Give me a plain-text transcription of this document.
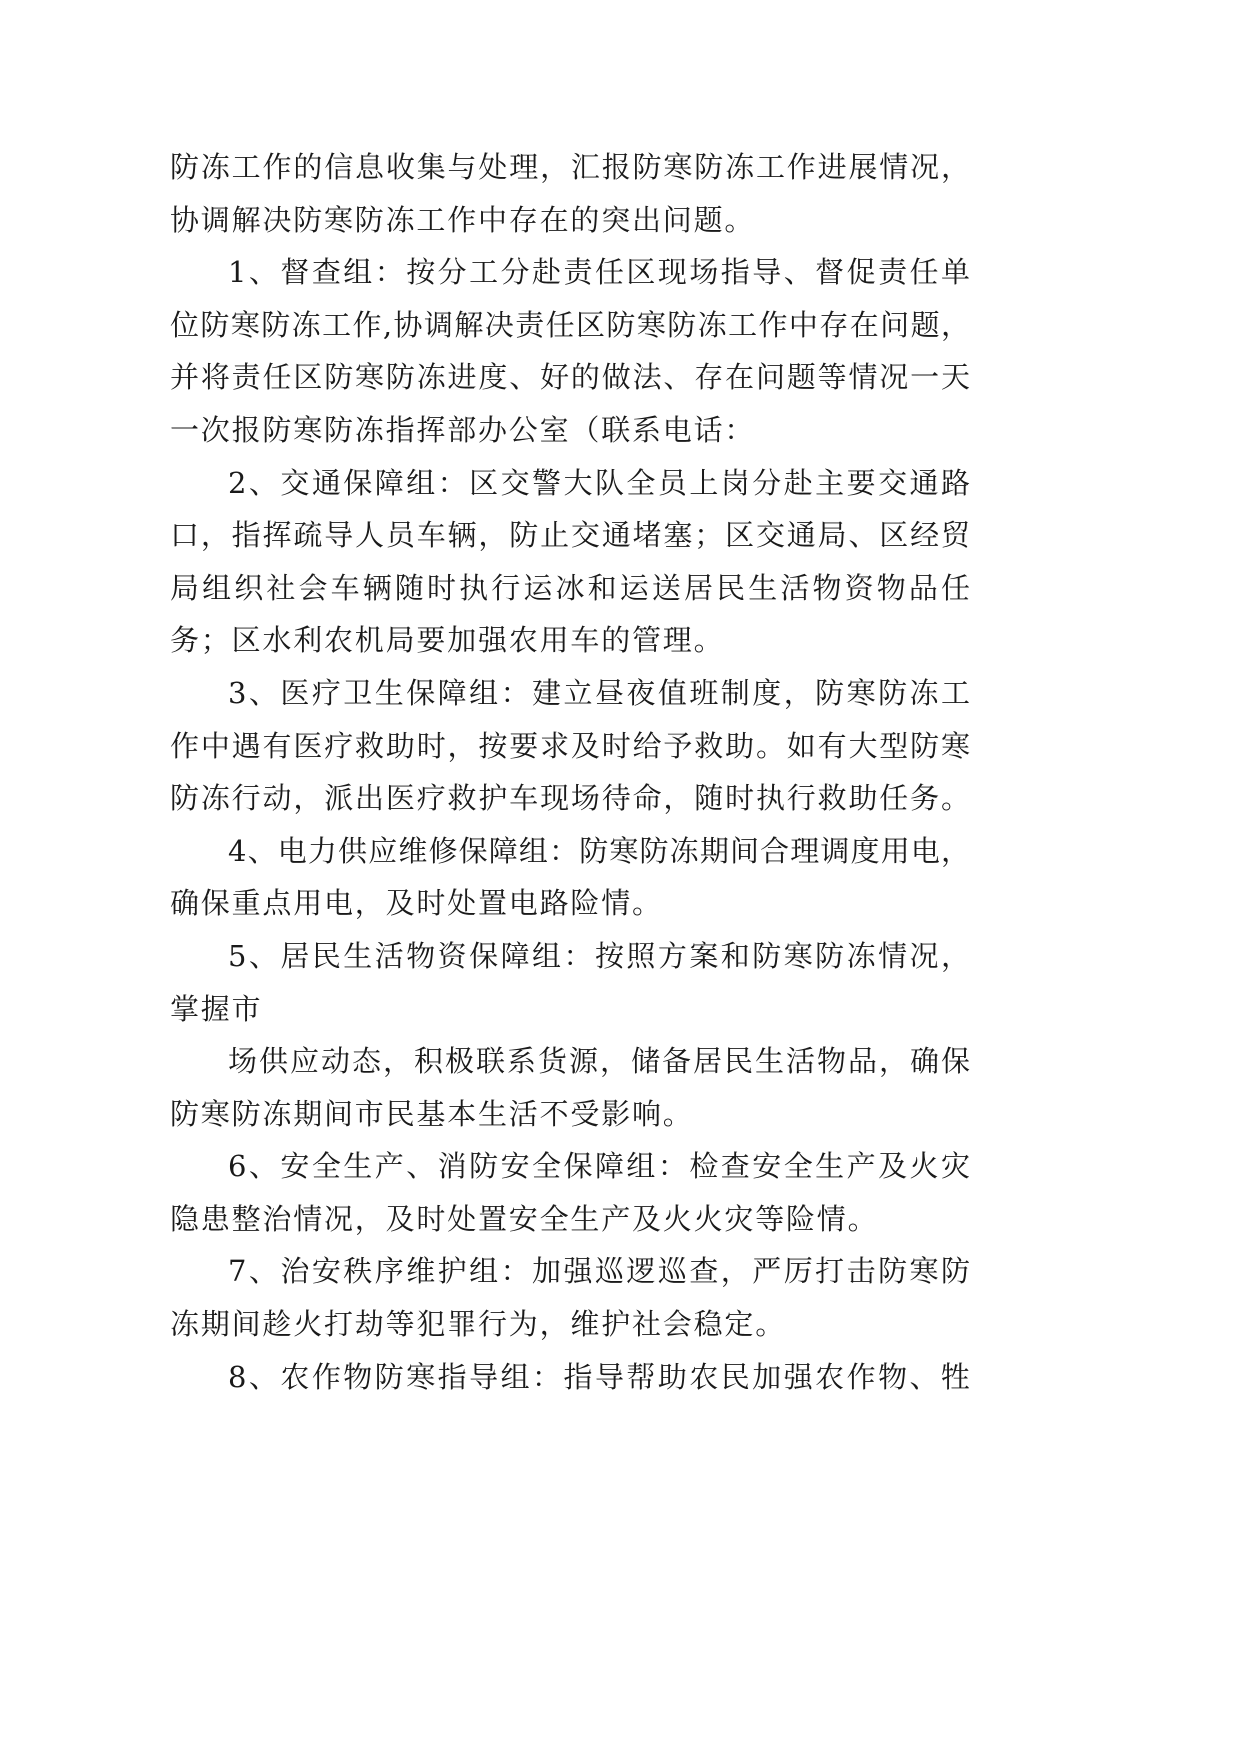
防冻工作的信息收集与处理，汇报防寒防冻工作进展情况，
协调解决防寒防冻工作中存在的突出问题。
1、督查组：按分工分赴责任区现场指导、督促责任单
位防寒防冻工作,协调解决责任区防寒防冻工作中存在问题，
并将责任区防寒防冻进度、好的做法、存在问题等情况一天
一次报防寒防冻指挥部办公室（联系电话：
2、交通保障组：区交警大队全员上岗分赴主要交通路
口，指挥疏导人员车辆，防止交通堵塞；区交通局、区经贸
局组织社会车辆随时执行运冰和运送居民生活物资物品任
务；区水利农机局要加强农用车的管理。
3、医疗卫生保障组：建立昼夜值班制度，防寒防冻工
作中遇有医疗救助时，按要求及时给予救助。如有大型防寒
防冻行动，派出医疗救护车现场待命，随时执行救助任务。
4、电力供应维修保障组：防寒防冻期间合理调度用电，
确保重点用电，及时处置电路险情。
5、居民生活物资保障组：按照方案和防寒防冻情况，
掌握市
场供应动态，积极联系货源，储备居民生活物品，确保
防寒防冻期间市民基本生活不受影响。
6、安全生产、消防安全保障组：检查安全生产及火灾
隐患整治情况，及时处置安全生产及火火灾等险情。
7、治安秩序维护组：加强巡逻巡查，严厉打击防寒防
冻期间趁火打劫等犯罪行为，维护社会稳定。
8、农作物防寒指导组：指导帮助农民加强农作物、牲
